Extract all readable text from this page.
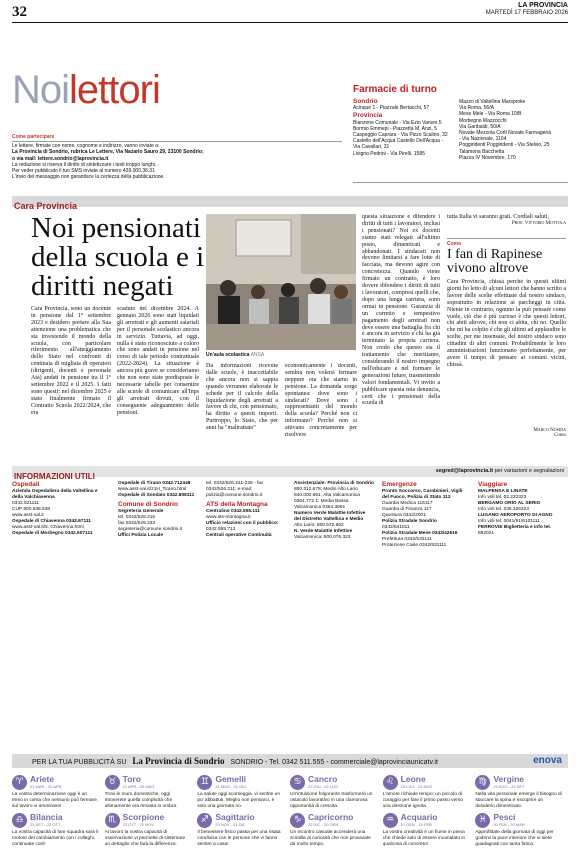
32	LA PROVINCIA
MARTEDÌ 17 FEBBRAIO 2026
Noilettori
Come partecipare
Le lettere, firmate con nome, cognome e indirizzo, vanno inviate a:
La Provincia di Sondrio, rubrica Le Lettere, Via Nazario Sauro 29, 23100 Sondrio;
o via mail: lettere.sondrio@laprovincia.it
La redazione si riserva il diritto di sintetizzare i testi troppo lunghi.
Per veder pubblicato il tuo SMS inviate al numero 439.000.36.31
L'invio del messaggio non garantisce la certezza della pubblicazione.
Farmacie di turno
Sondrio
Acinque 1 - Piazzale Bertacchi, 57
Provincia
Bianzone Comunale - Via Ezio Vanoni 5
Bormio Emmepi - Piazzetta M. Anzi, 5
Caspoggio Caprara - Via Pizzo Scalino, 32
Castello dell'Acqua Castello Dell'Acqua -
Via Cavallari, 31
Livigno Pedrini - Via Pirelli, 1585
Mazzo di Valtellina Marsproke
Via Roma, 56/A
Mese Mele - Via Roma 10/B
Morbegno Mazzocchi
Via Garibaldi, 50/A
Novate Mezzola Corti Novate Farmagenà
- Via Nazionale, 1104
Poggiridenti Poggiridenti - Via Stelvio, 25
Talamona Bacchetta
Piazza IV Novembre, 170
Cara Provincia
Noi pensionati della scuola e i diritti negati
Cara Provincia, sono un docente in pensione dal 1° settembre 2023 e desidero portare alla Sua attenzione una problematica che sta investendo il mondo della scuola, con particolare riferimento all'atteggiamento dello Stato nel confronti di centinaia di migliaia di operatori (dirigenti, docenti e personale Ata) andati in pensione tra il 1° settembre 2022 e il 2025. I fatti sono questi: nel dicembre 2025 è stato finalmente firmato il Contratto Scuola 2022/2024, che era
scaduto nel dicembre 2024. A gennaio 2026 sono stati liquidati gli arretrati e gli aumenti salariali per il personale scolastico ancora in servizio. Tuttavia, ad oggi, nulla è stato riconosciuto a coloro che sono andati in pensione nel corso di tale periodo contrattuale (2022-2024). La situazione è ancora più grave se consideriamo che non sono state predisposte le necessarie tabelle per consentire alle scuole di comunicare all'Inps gli arretrati dovuti, con il conseguente adeguamento delle pensioni.
Un'aula scolastica ANSA
Da informazioni ricevute dalle scuole, è inaccettabile che ancora non si sappia quando verranno elaborate le schede per il calcolo della liquidazione degli arretrati a favore di chi, con pensionato, ha diritto a questi importi. Purtroppo, lo Stato, che per anni ha "maltrattato"
economicamente i docenti, sembra non volersi fermare neppure ora che siamo in pensione. La domanda sorge spontanea: dove sono i sindacati? Dove sono i rappresentanti del mondo della scuola? Perché non ci informano? Perché non si attivano concretamente per risolvere
questa situazione e difendere i diritti di tutti i lavoratori, inclusi i pensionati? Noi ex docenti siamo stati relegati all'ultimo posto, dimenticati e abbandonati. I sindacati non devono limitarsi a fare lotte di facciata, ma devono agire con concretezza. Quando viene firmato un contratto, è loro dovere difendere i diritti di tutti i lavoratori, compresi quelli che, dopo una lunga carriera, sono ormai in pensione. Garanzia di un corretto e tempestivo pagamento degli arretrati non deve essere una battaglia fra chi è ancora in servizio e chi ha già terminato la propria carriera. Non credo che questo sia il trattamento che meritiamo, considerando il nostro impegno nell'educare e nel formare le generazioni future, trasmettendo valori fondamentali. Vi invito a pubblicare questa mia denuncia, certi che i pensionati della scuola di
tutta Italia vi saranno grati. Cordiali saluti,
Prof. Vittorio Mottola
Como
I fan di Rapinese vivono altrove
Cara Provincia, chissà perché in questi ultimi giorni ho letto di alcuni lettori che hanno scritto a favore delle scelte effettuate dal nostro sindaco, soprattutto in relazione ai parcheggi in città. Niente in contrario, ognuno la può pensare come vuole, ciò che è più curioso è che questi lettori, chi abiti altrove, chi non ci abita, chi no. Quello che mi ha colpito è che gli ultimi ad applaudire le scelte, per me insensate, del nostro sindaco sono cittadini di altri comuni. Probabilmente le loro amministrazioni funzionano perfettamente, per avere il tempo di pensare ai comuni vicini, chissà.
Marco Nosida
Como
INFORMAZIONI UTILI
segred@laprovincia.it per variazioni e segnalazioni
Ospedali
Azienda Ospedaliera della Valtellina e della Valchiavenna
0342.521111
CUP 800.638.638
www.asst-val.it
Ospedale di Chiavenna 0343.67111
www.asst-val.it/5. Chiavenna.html
Ospedale di Morbegno 0342.607111
Ospedale di Tirano 0342.712448
www.asst-val.it/21H_Tirano.html
Ospedale di Sondalo 0342.808111
Comune di Sondrio
Segreteria Generale
tel. 0342/526.216
fax 0342/526.333
segreteria@comune.sondrio.it
Uffici Polizia Locale
tel. 0342/526.221-228 - fax
0342/526.211; e-mail:
polizia@comune.sondrio.it
ATS della Montagna
Centralino 0342.555.111
www.ats-montagna.it
Ufficio relazioni con il pubblico:
0342.555.713
Centrali operative Continuità
Assistenziale: Provincia di Sondrio
800.312.678; Medio Alto Lario
840.000.661; Alta Valcamonica
0364.772.1; Media Bassa
Valcamonica 0364.3691
Numero Verde Malattie Infettive
del Distretto Valtellina e Medio
Alto Lario: 800.572.662
N. Verde Malattie Infettive
Valcamonica: 800.076.323
Emergenze
Pronto Soccorso, Carabinieri, Vigili
del Fuoco, Polizia di Stato 112
Guardia Medica 116117
Guardia di Finanza 117
Questura 0342/2001
Polizia Stradale Sondrio
0342/541811
Polizia Stradale Mese 0343/42616
Prefettura 0342/532111
Protezione Civile 0342/531111
Viaggiare
MALPENSA E LINATE
Info voli tel. 02.232323
BERGAMO ORIO AL SERIO
Info voli tel. 035.326323
LUGANO AEROPORTO DI AGNO
Info voli tel. 0041/91/6101111
FERROVIE Biglietteria e info tel.
892021
PER LA TUA PUBBLICITÀ SU La Provincia di Sondrio SONDRIO - Tel. 0342 511.555 - commerciale@laprovinciaunicatv.it	enova
♈ Ariete
21 MAR - 20 APR
La vostra determinazione oggi è un treno in corsa che nessuno può fermare, sul lavoro vi ammirano!
♉ Toro
21 APR - 20 MAG
Trovi le muro domestiche, oggi ritroverete quella complicità che ultimamente era rimasta in ombra.
♊ Gemelli
21 MAG - 21 GIU
La salute oggi scarseggia, vi sentite un po' abbattuti. Meglio non pensarci, è solo una giornata no.
♋ Cancro
22 GIU - 22 LUG
Un'intuizione folgorante trasformerà un ostacolo lavorativo in una clamorosa opportunità di crescita.
♌ Leone
23 LUG - 22 AGO
L'amore richiede tempo: un piccolo di coraggio per fare il primo passo verso una direzione ignota.
♍ Vergine
23 AGO - 22 SET
Nella vita personale emerge il bisogno di staccare la spina e riscoprire un desiderio dimenticato.
♎ Bilancia
23 SET - 22 OTT
La vostra capacità di fare squadra sarà il motore del cambiamento con i colleghi, continuate così!
♏ Scorpione
23 OTT - 22 NOV
Al lavoro la vostra capacità di osservazione vi permette di sistemare un dettaglio che farà la differenza.
♐ Sagittario
23 NOV - 21 DIC
Il benessere fisico passa per una risata condivisa con le persone che vi fanno sentire a casa!
♑ Capricorno
22 DIC - 20 GEN
Un incontro casuale accenderà una scintilla di curiosità che non provavate da molto tempo.
♒ Acquario
21 GEN - 19 FEB
La vostra creatività è un fiume in piena che chiede solo di essere incanalato in qualcosa di concreto!
♓ Pesci
20 FEB - 20 MAR
Approfittate della giornata di oggi per godervi la pace interiore che vi siete guadagnati con tanta fatica.
